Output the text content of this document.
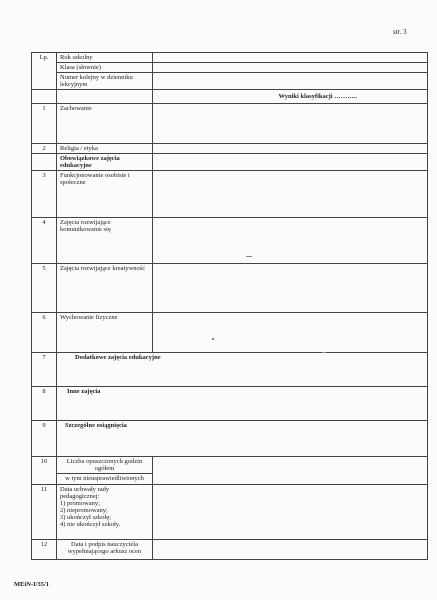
str. 3
Lp.	Rok szkolny	
	Klasa (słownie)	
	Numer kolejny w dzienniku lekcyjnym	
		Wyniki klasyfikacji ………..
1	Zachowanie	
2	Religia / etyka	
	Obowiązkowe zajęcia edukacyjne	
3	Funkcjonowanie osobiste i społeczne	
4	Zajęcia rozwijające komunikowanie się	
5	Zajęcia rozwijające kreatywność	
6	Wychowanie fizyczne	
7	Dodatkowe zajęcia edukacyjne	
8	Inne zajęcia	
9	Szczególne osiągnięcia	
10	Liczba opuszczonych godzin
ogółem
w tym nieusprawiedliwionych	

11	Data uchwały rady pedagogicznej:
1) promowany;
2) niepromowany;
3) ukończył szkołę;
4) nie ukończył szkoły.	

12	Data i podpis nauczyciela wypełniającego arkusz ocen	
MEiN-I/35/1
